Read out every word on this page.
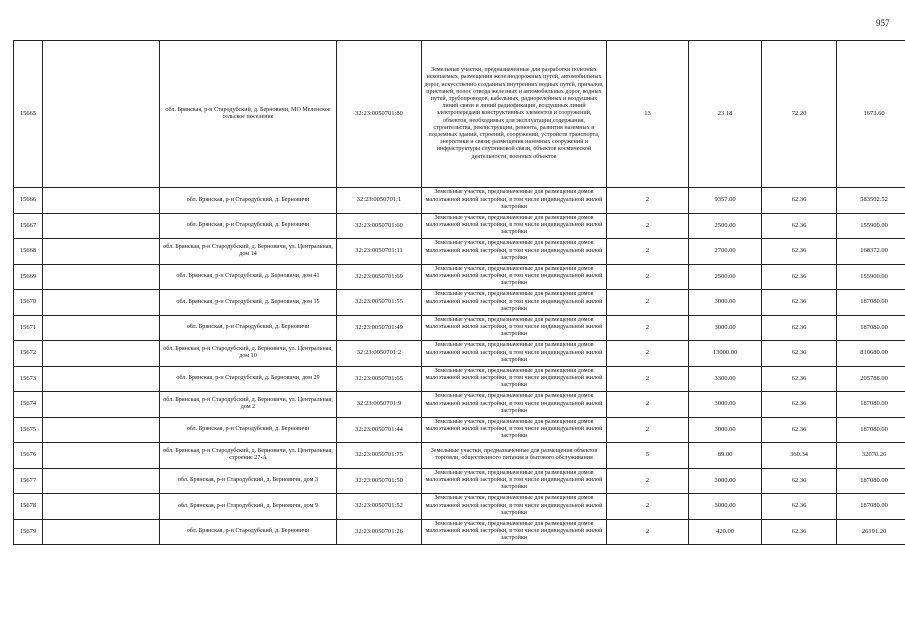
957
15665		обл. Брянская, р-н Стародубский, д. Берновичи, МО Меленское сельское поселение	32:23:0050701:80	Земельные участки, предназначенные для разработки полезных ископаемых, размещения железнодорожных путей, автомобильных дорог, искусственно созданных внутренних водных путей, причалов, пристаней, полос отвода железных и автомобильных дорог, водных путей, трубопроводов, кабельных, радиорелейных и воздушных линий связи и линий радиофикации, воздушных линий электропередачи конструктивных элементов и сооружений, объектов, необходимых для эксплуатации,содержания, строительства, реконструкции, ремонта, развития наземных и подземных зданий, строений, сооружений, устройств транспорта, энергетики и связи; размещения наземных сооружений и инфраструктуры спутниковой связи, объектов космической деятельности, военных объектов	13	23.18	72.20	1673.60
15666		обл. Брянская, р-н Стародубский, д. Берновичи	32:23:0050701:1	Земельные участки, предназначенные для размещения домов малоэтажной жилой застройки, в том числе индивидуальной жилой застройки	2	9357.00	62.36	583502.52
15667		обл. Брянская, р-н Стародубский, д. Берновичи	32:23:0050701:60	Земельные участки, предназначенные для размещения домов малоэтажной жилой застройки, в том числе индивидуальной жилой застройки	2	2500.00	62.36	155900.00
15668		обл. Брянская, р-н Стародубский, д. Берновичи, ул. Центральная, дом 14	32:23:0050701:11	Земельные участки, предназначенные для размещения домов малоэтажной жилой застройки, в том числе индивидуальной жилой застройки	2	2700.00	62.36	168372.00
15669		обл. Брянская, р-н Стародубский, д. Берновичи, дом 41	32:23:0050701:69	Земельные участки, предназначенные для размещения домов малоэтажной жилой застройки, в том числе индивидуальной жилой застройки	2	2500.00	62.36	155900.00
15670		обл. Брянская, р-н Стародубский, д. Берновичи, дом 15	32:23:0050701:55	Земельные участки, предназначенные для размещения домов малоэтажной жилой застройки, в том числе индивидуальной жилой застройки	2	3000.00	62.36	187080.00
15671		обл. Брянская, р-н Стародубский, д. Берновичи	32:23:0050701:49	Земельные участки, предназначенные для размещения домов малоэтажной жилой застройки, в том числе индивидуальной жилой застройки	2	3000.00	62.36	187080.00
15672		обл. Брянская, р-н Стародубский, д. Берновичи, ул. Центральная, дом 10	32:23:0050701:2	Земельные участки, предназначенные для размещения домов малоэтажной жилой застройки, в том числе индивидуальной жилой застройки	2	13000.00	62.36	810680.00
15673		обл. Брянская, р-н Стародубский, д. Берновичи, дом 29	32:23:0050701:65	Земельные участки, предназначенные для размещения домов малоэтажной жилой застройки, в том числе индивидуальной жилой застройки	2	3300.00	62.36	205788.00
15674		обл. Брянская, р-н Стародубский, д. Берновичи, ул. Центральная, дом 2	32:23:0050701:9	Земельные участки, предназначенные для размещения домов малоэтажной жилой застройки, в том числе индивидуальной жилой застройки	2	3000.00	62.36	187080.00
15675		обл. Брянская, р-н Стародубский, д. Берновичи	32:23:0050701:44	Земельные участки, предназначенные для размещения домов малоэтажной жилой застройки, в том числе индивидуальной жилой застройки	2	3000.00	62.36	187080.00
15676		обл. Брянская, р-н Стародубский, д. Берновичи, ул. Центральная, строение 27-А	32:23:0050701:75	Земельные участки, предназначенные для размещения объектов торговли, общественного питания и бытового обслуживания	5	89.00	360.34	32070.26
15677		обл. Брянская, р-н Стародубский, д. Берновичи, дом 3	32:23:0050701:50	Земельные участки, предназначенные для размещения домов малоэтажной жилой застройки, в том числе индивидуальной жилой застройки	2	3000.00	62.36	187080.00
15678		обл. Брянская, р-н Стародубский, д. Берновичи, дом 9	32:23:0050701:52	Земельные участки, предназначенные для размещения домов малоэтажной жилой застройки, в том числе индивидуальной жилой застройки	2	3000.00	62.36	187080.00
15679		обл. Брянская, р-н Стародубский, д. Берновичи	32:23:0050701:26	Земельные участки, предназначенные для размещения домов малоэтажной жилой застройки, в том числе индивидуальной жилой застройки	2	420.00	62.36	26191.20
